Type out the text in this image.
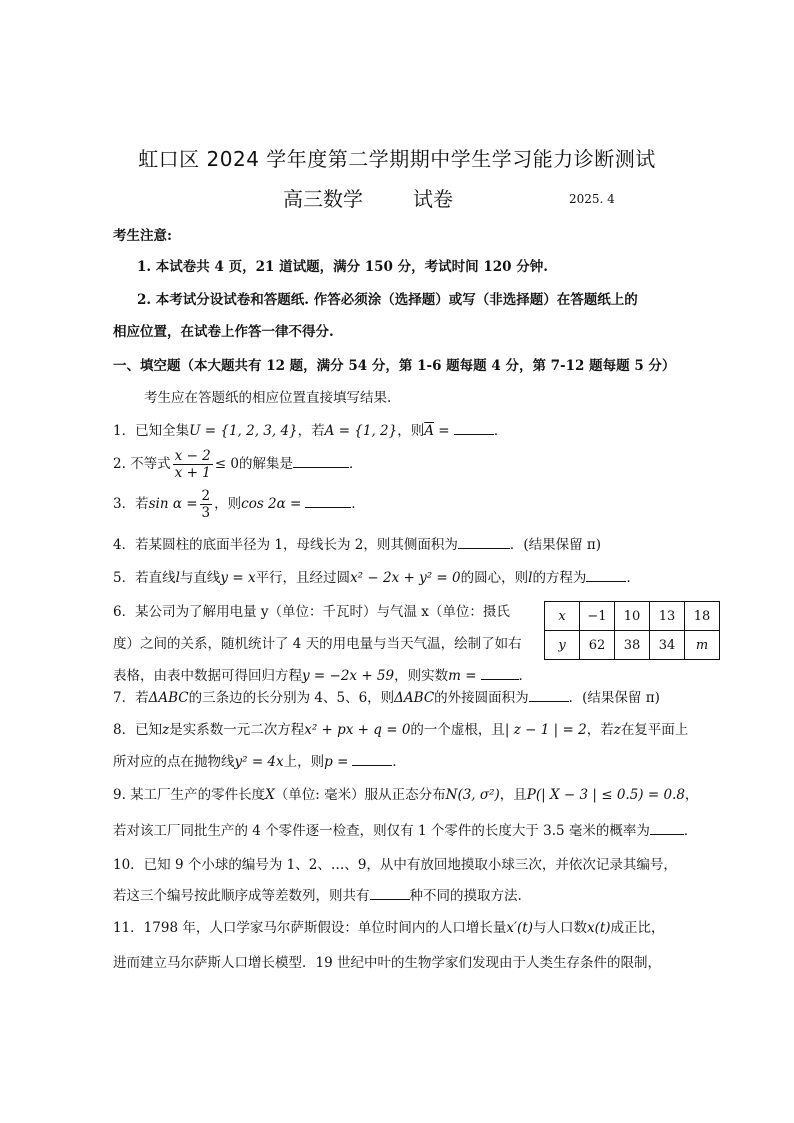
虹口区 2024 学年度第二学期期中学生学习能力诊断测试
高三数学	试卷	2025. 4
考生注意:
1. 本试卷共 4 页，21 道试题，满分 150 分，考试时间 120 分钟.
2. 本考试分设试卷和答题纸. 作答必须涂（选择题）或写（非选择题）在答题纸上的
相应位置，在试卷上作答一律不得分.
一、填空题（本大题共有 12 题，满分 54 分，第 1-6 题每题 4 分，第 7-12 题每题 5 分）
考生应在答题纸的相应位置直接填写结果.
1．已知全集U = {1, 2, 3, 4}，若A = {1, 2}，则$\overline{A}$ =	．
2. 不等式 $\frac{x - 2}{x + 1} \le 0$的解集是	．
3．若$\sin \alpha = \frac{2}{3}$ ，则cos 2α =	．
4．若某圆柱的底面半径为 1，母线长为 2，则其侧面积为	．(结果保留 π)
5．若直线l与直线y = x平行，且经过圆x² − 2x + y² = 0的圆心，则l的方程为	．
6．某公司为了解用电量 y（单位：千瓦时）与气温 x（单位：摄氏
度）之间的关系，随机统计了 4 天的用电量与当天气温，绘制了如右
表格，由表中数据可得回归方程y = −2x + 59，则实数m =	．
x	−1	10	13	18
y	62	38	34	m
7．若ΔABC的三条边的长分别为 4、5、6，则ΔABC的外接圆面积为	．(结果保留 π)
8．已知z是实系数一元二次方程x² + px + q = 0的一个虚根，且| z − 1 | = 2，若z在复平面上
所对应的点在抛物线y² = 4x上，则p =	．
9. 某工厂生产的零件长度X（单位: 毫米）服从正态分布N(3, σ²)，且P(| X − 3 | ≤ 0.5) = 0.8，
若对该工厂同批生产的 4 个零件逐一检查，则仅有 1 个零件的长度大于 3.5 毫米的概率为	．
10．已知 9 个小球的编号为 1、2、…、9，从中有放回地摸取小球三次，并依次记录其编号，
若这三个编号按此顺序成等差数列，则共有	种不同的摸取方法.
11．1798 年，人口学家马尔萨斯假设：单位时间内的人口增长量x′(t)与人口数x(t)成正比，
进而建立马尔萨斯人口增长模型．19 世纪中叶的生物学家们发现由于人类生存条件的限制，
